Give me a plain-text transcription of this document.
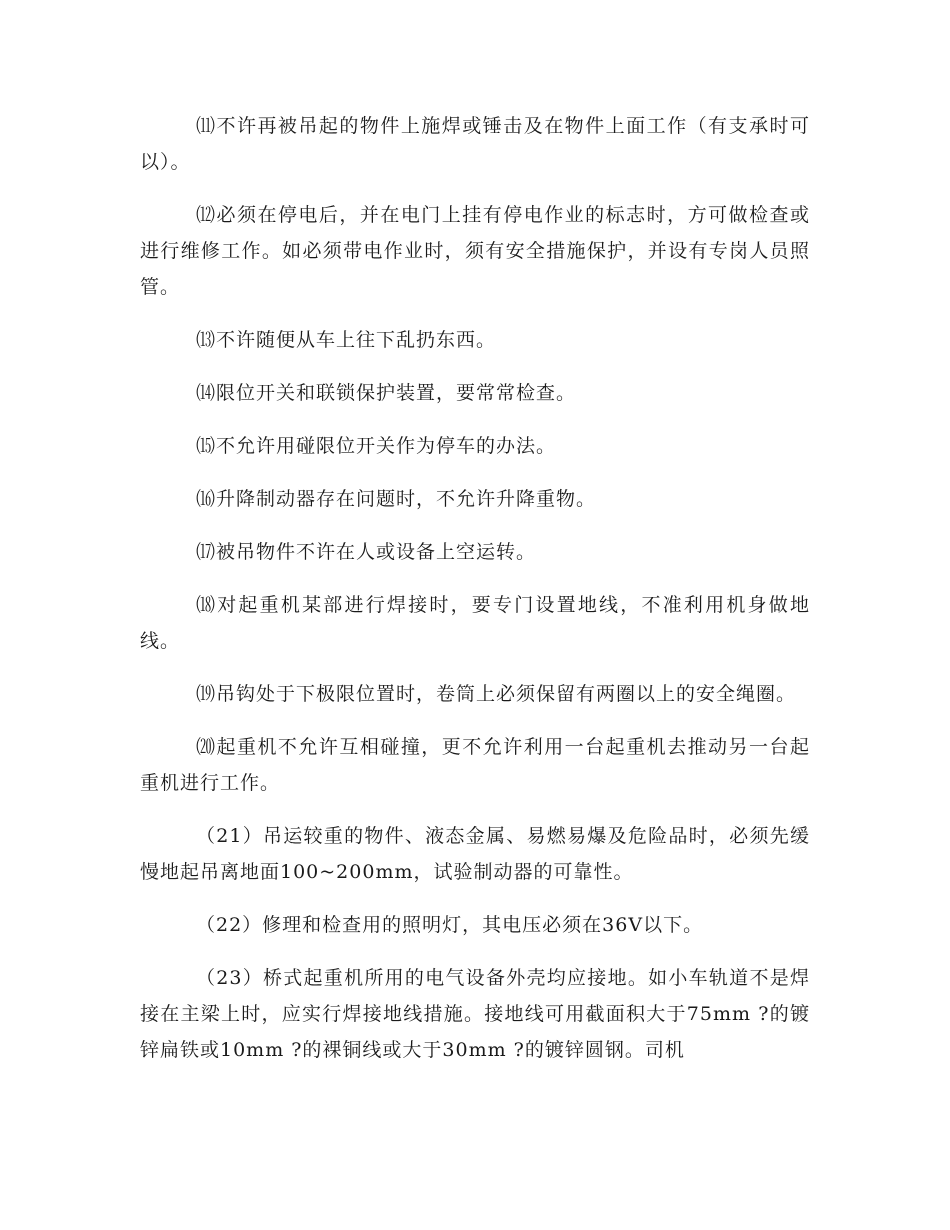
⑾不许再被吊起的物件上施焊或锤击及在物件上面工作（有支承时可以）。

⑿必须在停电后，并在电门上挂有停电作业的标志时，方可做检查或进行维修工作。如必须带电作业时，须有安全措施保护，并设有专岗人员照管。

⒀不许随便从车上往下乱扔东西。

⒁限位开关和联锁保护装置，要常常检查。

⒂不允许用碰限位开关作为停车的办法。

⒃升降制动器存在问题时，不允许升降重物。

⒄被吊物件不许在人或设备上空运转。

⒅对起重机某部进行焊接时，要专门设置地线，不准利用机身做地线。

⒆吊钩处于下极限位置时，卷筒上必须保留有两圈以上的安全绳圈。

⒇起重机不允许互相碰撞，更不允许利用一台起重机去推动另一台起重机进行工作。

（21）吊运较重的物件、液态金属、易燃易爆及危险品时，必须先缓慢地起吊离地面100~200mm，试验制动器的可靠性。

（22）修理和检查用的照明灯，其电压必须在36V以下。

（23）桥式起重机所用的电气设备外壳均应接地。如小车轨道不是焊接在主梁上时，应实行焊接地线措施。接地线可用截面积大于75mm ?的镀锌扁铁或10mm ?的裸铜线或大于30mm ?的镀锌圆钢。司机
